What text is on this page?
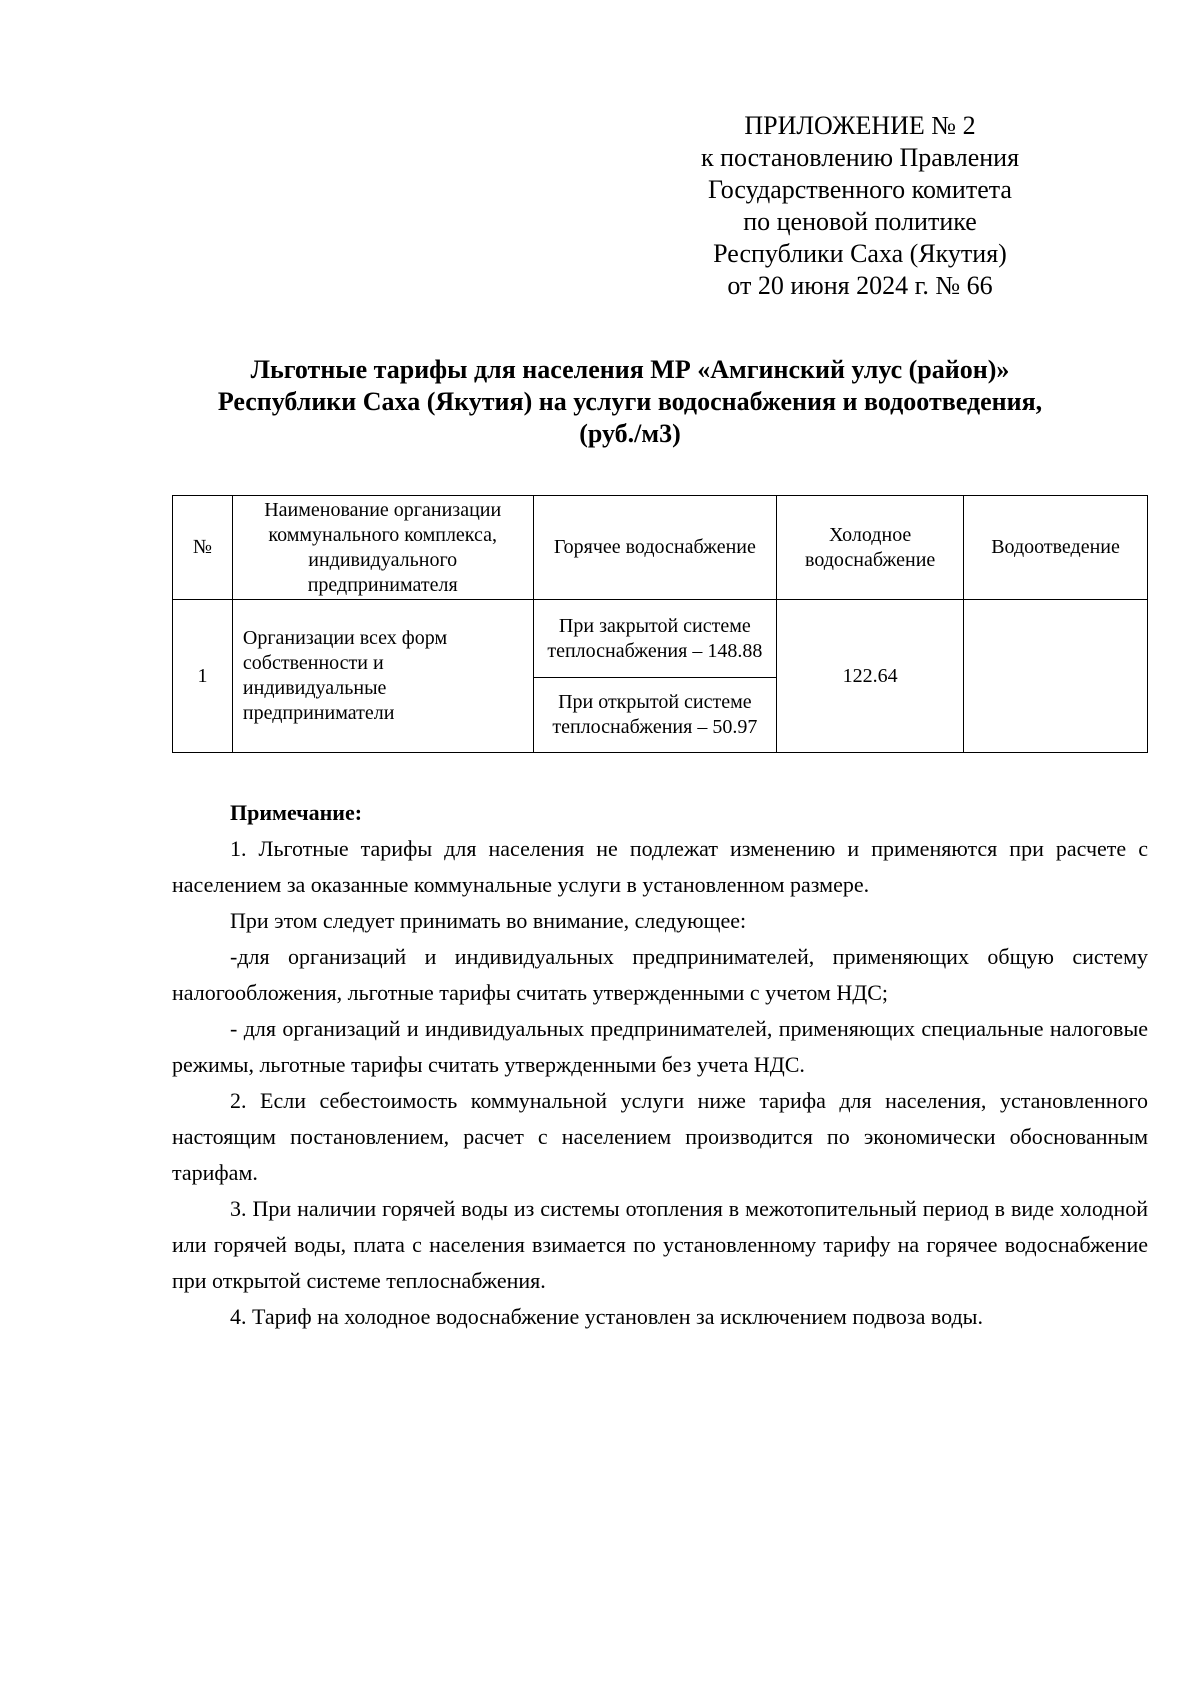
ПРИЛОЖЕНИЕ № 2
к постановлению Правления
Государственного комитета
по ценовой политике
Республики Саха (Якутия)
от 20 июня 2024 г. № 66
Льготные тарифы для населения МР «Амгинский улус (район)»
Республики Саха (Якутия) на услуги водоснабжения и водоотведения,
(руб./м3)
№	Наименование организации коммунального комплекса, индивидуального предпринимателя	Горячее водоснабжение	Холодное водоснабжение	Водоотведение
1	Организации всех форм собственности и индивидуальные предприниматели	При закрытой системе теплоснабжения – 148.88	122.64	
		При открытой системе теплоснабжения – 50.97		

Примечание:

1. Льготные тарифы для населения не подлежат изменению и применяются при расчете с населением за оказанные коммунальные услуги в установленном размере.

При этом следует принимать во внимание, следующее:

-для организаций и индивидуальных предпринимателей, применяющих общую систему налогообложения, льготные тарифы считать утвержденными с учетом НДС;

- для организаций и индивидуальных предпринимателей, применяющих специальные налоговые режимы, льготные тарифы считать утвержденными без учета НДС.

2. Если себестоимость коммунальной услуги ниже тарифа для населения, установленного настоящим постановлением, расчет с населением производится по экономически обоснованным тарифам.

3. При наличии горячей воды из системы отопления в межотопительный период в виде холодной или горячей воды, плата с населения взимается по установленному тарифу на горячее водоснабжение при открытой системе теплоснабжения.

4. Тариф на холодное водоснабжение установлен за исключением подвоза воды.
